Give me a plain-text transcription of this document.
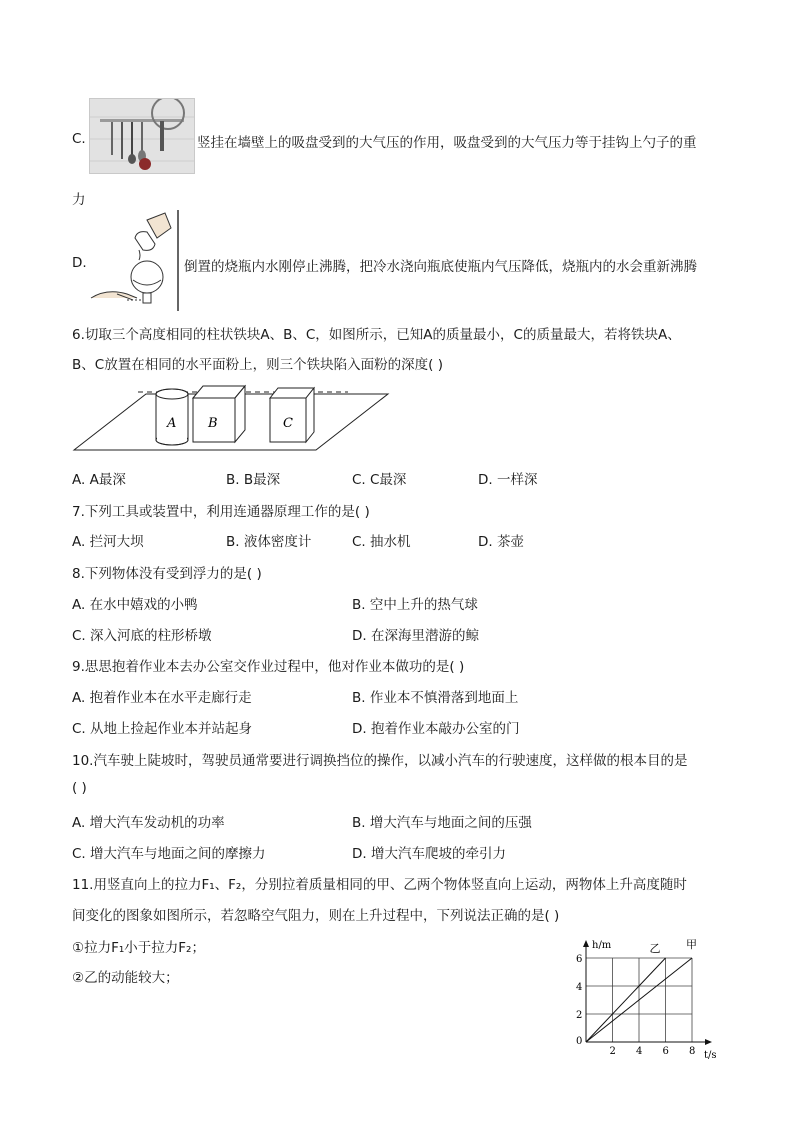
C.	竖挂在墙壁上的吸盘受到的大气压的作用，吸盘受到的大气压力等于挂钩上勺子的重
力
D.	倒置的烧瓶内水刚停止沸腾，把冷水浇向瓶底使瓶内气压降低，烧瓶内的水会重新沸腾
6.切取三个高度相同的柱状铁块A、B、C，如图所示，已知A的质量最小，C的质量最大，若将铁块A、
B、C放置在相同的水平面粉上，则三个铁块陷入面粉的深度( )
A B	C
A. A最深	B. B最深	C. C最深	D. 一样深
7.下列工具或装置中，利用连通器原理工作的是( )
A. 拦河大坝	B. 液体密度计	C. 抽水机	D. 茶壶
8.下列物体没有受到浮力的是( )
A. 在水中嬉戏的小鸭	B. 空中上升的热气球
C. 深入河底的柱形桥墩	D. 在深海里潜游的鲸
9.思思抱着作业本去办公室交作业过程中，他对作业本做功的是( )
A. 抱着作业本在水平走廊行走	B. 作业本不慎滑落到地面上
C. 从地上捡起作业本并站起身	D. 抱着作业本敲办公室的门
10.汽车驶上陡坡时，驾驶员通常要进行调换挡位的操作，以减小汽车的行驶速度，这样做的根本目的是
( )
A. 增大汽车发动机的功率	B. 增大汽车与地面之间的压强
C. 增大汽车与地面之间的摩擦力	D. 增大汽车爬坡的牵引力
11.用竖直向上的拉力F₁、F₂，分别拉着质量相同的甲、乙两个物体竖直向上运动，两物体上升高度随时
间变化的图象如图所示，若忽略空气阻力，则在上升过程中，下列说法正确的是( )
①拉力F₁小于拉力F₂；
②乙的动能较大；
2 4 6 8
0
2
4
6
t/s
h/m	乙 甲
